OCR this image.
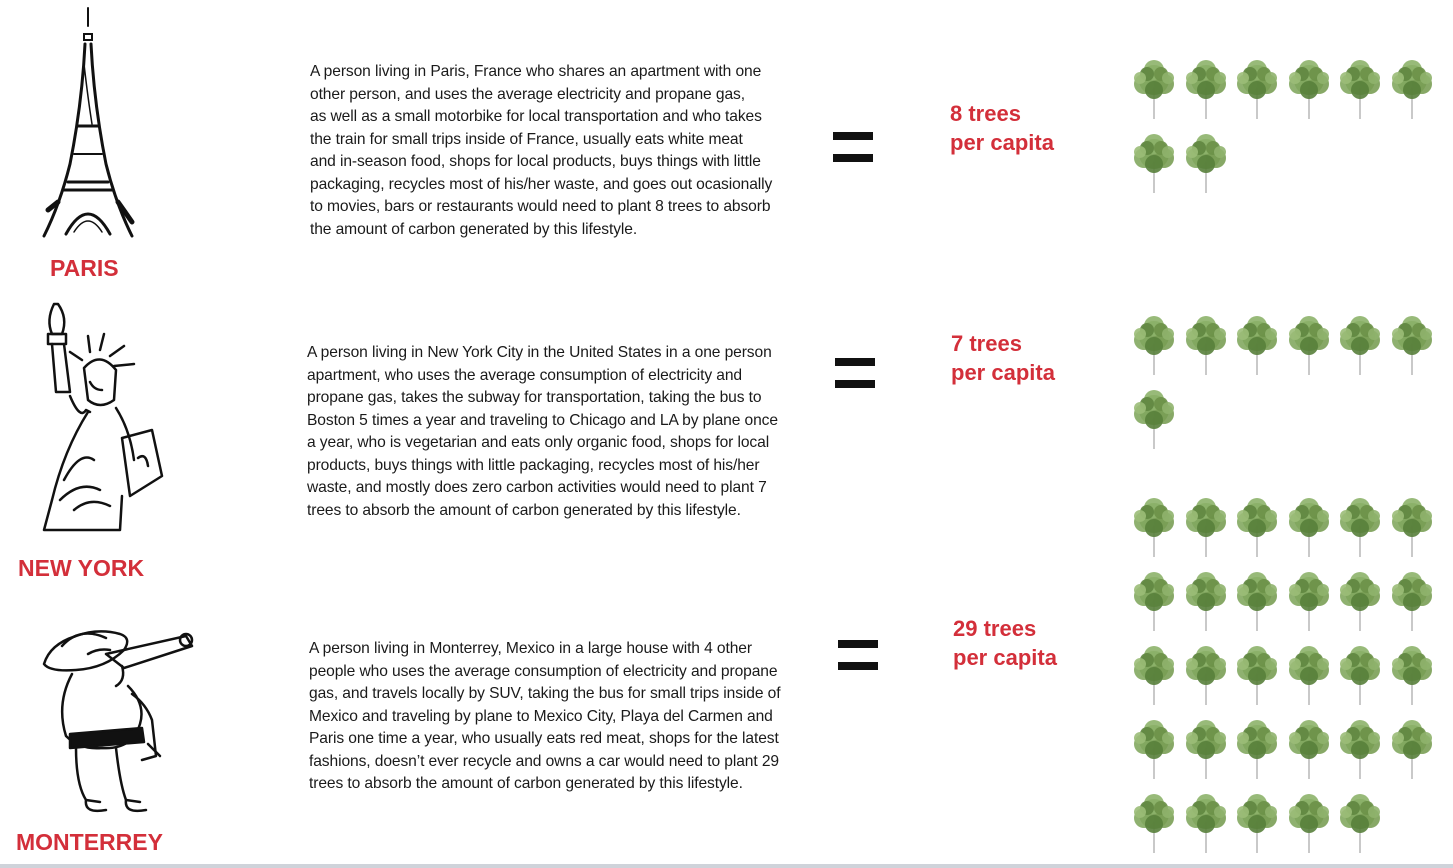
PARIS
A person living in Paris, France who shares an apartment with one
other person, and uses the average electricity and propane gas,
as well as a small motorbike for local transportation and who takes
the train for small trips inside of France, usually eats white meat
and in-season food, shops for local products, buys things with little
packaging, recycles most of his/her waste, and goes out ocasionally
to movies, bars or restaurants would need to plant 8 trees to absorb
the amount of carbon generated by this lifestyle.
8 trees
per capita
NEW YORK
A person living in New York City in the United States in a one person
apartment, who uses the average consumption of electricity and
propane gas, takes the subway for transportation, taking the bus to
Boston 5 times a year and traveling to Chicago and LA by plane once
a year, who is vegetarian and eats only organic food, shops for local
products, buys things with little packaging, recycles most of his/her
waste, and mostly does zero carbon activities would need to plant 7
trees to absorb the amount of carbon generated by this lifestyle.
7 trees
per capita
MONTERREY
A person living in Monterrey, Mexico in a large house with 4 other
people who uses the average consumption of electricity and propane
gas, and travels locally by SUV, taking the bus for small trips inside of
Mexico and traveling by plane to Mexico City, Playa del Carmen and
Paris one time a year, who usually eats red meat, shops for the latest
fashions, doesn’t ever recycle and owns a car would need to plant 29
trees to absorb the amount of carbon generated by this lifestyle.
29 trees
per capita
